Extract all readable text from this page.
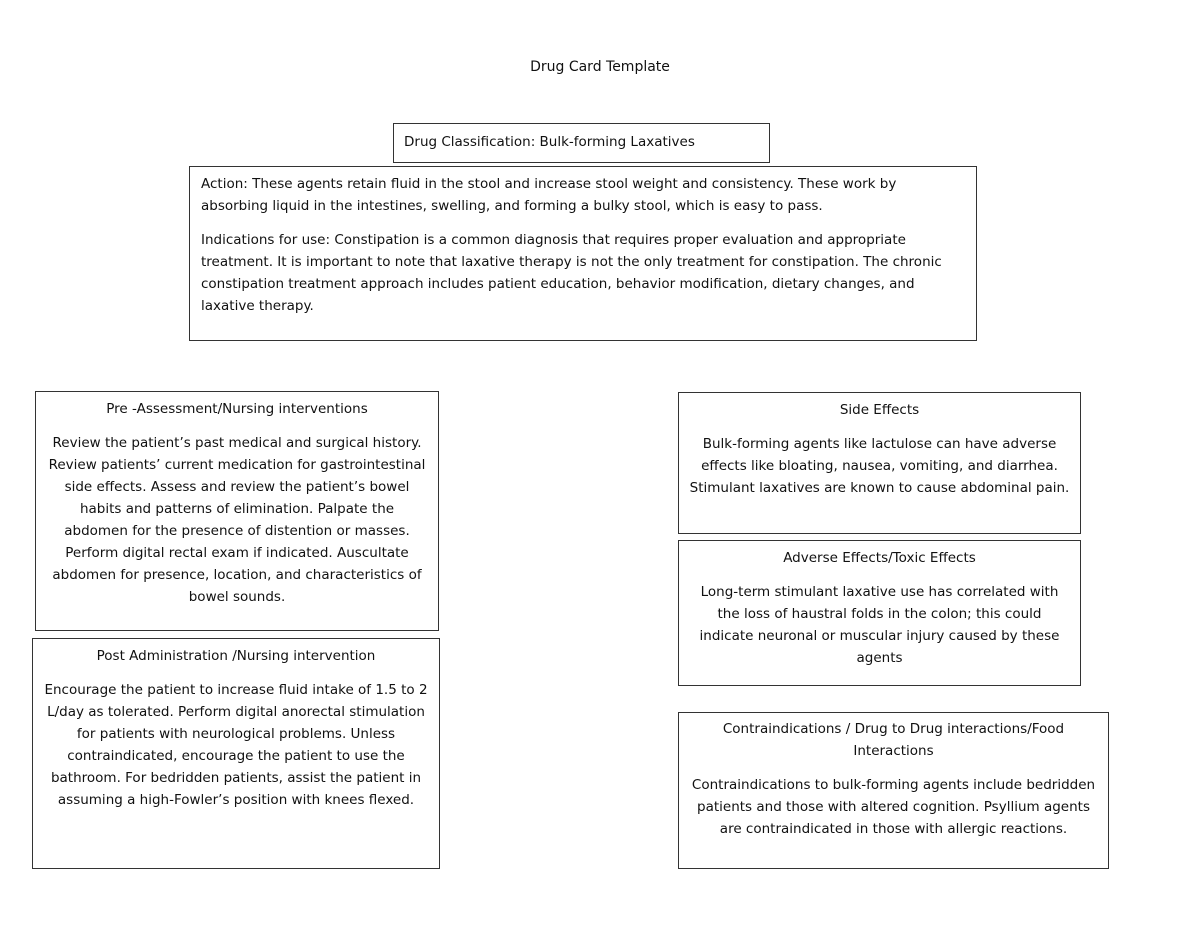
Drug Card Template
Drug Classification: Bulk-forming Laxatives

Action: These agents retain fluid in the stool and increase stool weight and consistency. These work by absorbing liquid in the intestines, swelling, and forming a bulky stool, which is easy to pass.

Indications for use: Constipation is a common diagnosis that requires proper evaluation and appropriate treatment. It is important to note that laxative therapy is not the only treatment for constipation. The chronic constipation treatment approach includes patient education, behavior modification, dietary changes, and laxative therapy.

Pre -Assessment/Nursing interventions

Review the patient’s past medical and surgical history. Review patients’ current medication for gastrointestinal side effects. Assess and review the patient’s bowel habits and patterns of elimination. Palpate the abdomen for the presence of distention or masses. Perform digital rectal exam if indicated. Auscultate abdomen for presence, location, and characteristics of bowel sounds.

Post Administration /Nursing intervention

Encourage the patient to increase fluid intake of 1.5 to 2 L/day as tolerated. Perform digital anorectal stimulation for patients with neurological problems. Unless contraindicated, encourage the patient to use the bathroom. For bedridden patients, assist the patient in assuming a high-Fowler’s position with knees flexed.

Side Effects

Bulk-forming agents like lactulose can have adverse effects like bloating, nausea, vomiting, and diarrhea. Stimulant laxatives are known to cause abdominal pain.

Adverse Effects/Toxic Effects

Long-term stimulant laxative use has correlated with the loss of haustral folds in the colon; this could indicate neuronal or muscular injury caused by these agents

Contraindications / Drug to Drug interactions/Food Interactions

Contraindications to bulk-forming agents include bedridden patients and those with altered cognition. Psyllium agents are contraindicated in those with allergic reactions.
